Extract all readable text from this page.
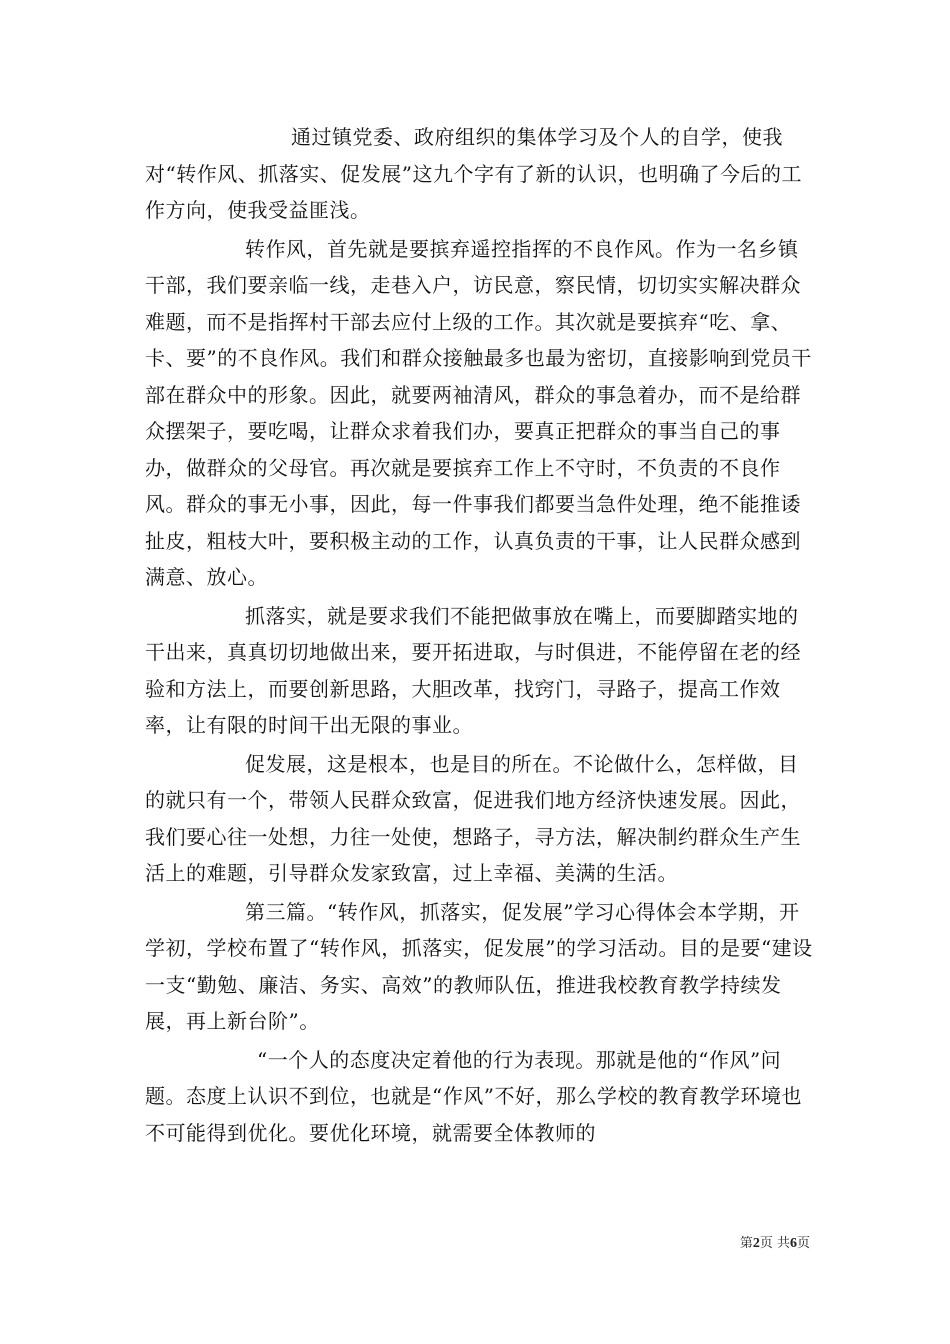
通过镇党委、政府组织的集体学习及个人的自学，使我对“转作风、抓落实、促发展”这九个字有了新的认识，也明确了今后的工作方向，使我受益匪浅。

转作风，首先就是要摈弃遥控指挥的不良作风。作为一名乡镇干部，我们要亲临一线，走巷入户，访民意，察民情，切切实实解决群众难题，而不是指挥村干部去应付上级的工作。其次就是要摈弃“吃、拿、卡、要”的不良作风。我们和群众接触最多也最为密切，直接影响到党员干部在群众中的形象。因此，就要两袖清风，群众的事急着办，而不是给群众摆架子，要吃喝，让群众求着我们办，要真正把群众的事当自己的事办，做群众的父母官。再次就是要摈弃工作上不守时，不负责的不良作风。群众的事无小事，因此，每一件事我们都要当急件处理，绝不能推诿扯皮，粗枝大叶，要积极主动的工作，认真负责的干事，让人民群众感到满意、放心。

抓落实，就是要求我们不能把做事放在嘴上，而要脚踏实地的干出来，真真切切地做出来，要开拓进取，与时俱进，不能停留在老的经验和方法上，而要创新思路，大胆改革，找窍门，寻路子，提高工作效率，让有限的时间干出无限的事业。

促发展，这是根本，也是目的所在。不论做什么，怎样做，目的就只有一个，带领人民群众致富，促进我们地方经济快速发展。因此，我们要心往一处想，力往一处使，想路子，寻方法，解决制约群众生产生活上的难题，引导群众发家致富，过上幸福、美满的生活。

第三篇。“转作风，抓落实，促发展”学习心得体会本学期，开学初，学校布置了“转作风，抓落实，促发展”的学习活动。目的是要“建设一支“勤勉、廉洁、务实、高效”的教师队伍，推进我校教育教学持续发展，再上新台阶”。

“一个人的态度决定着他的行为表现。那就是他的“作风”问题。态度上认识不到位，也就是“作风”不好，那么学校的教育教学环境也不可能得到优化。要优化环境，就需要全体教师的

第2页 共6页
